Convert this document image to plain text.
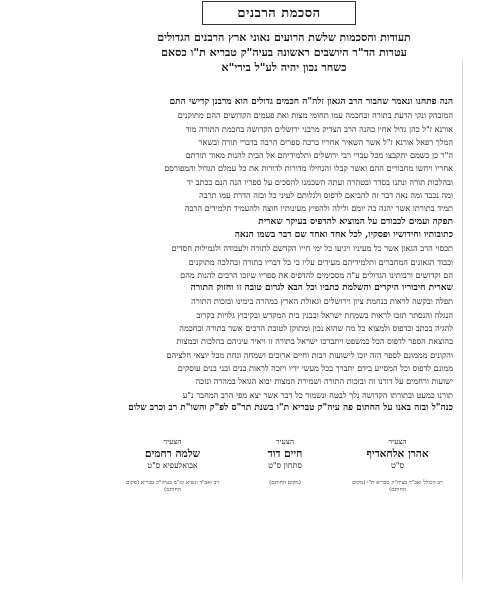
הסכמת הרבנים
תעודות והסכמות שלשת הרועים נאוני ארץ הרבנים הגדולים
עטרות הד"ר היושבים ראשונה בעיה"ק טבריא ת"ו כסאם
כשחר נכון יהיה לע"ל בירי"א
הנה פתחנו ונאמר שחבור הרב הגאון זלה"ה חכמים גדולים הוא מרבנן קדישי התם
המובהק ונקי הדעת בתורה ובחכמה עמו תחומי מצות ואת פעמים הקדושים ההם מתוקנים
אורנא ז"ל כהן גדול אחיו כהנה הרב הצדיק מרבני ירושלים הקדושה בחכמת התורה מוד
המלך רפאל אורנא ז"ל אשר השאיר אחריו ברכה ספרים הרבה בדברי תורה ובשאר
ה"ר כן כשמם יתקבצו מכל עברי רבי ירושלים ותלמידיהם אל הבית להנות מאור תורתם
אחריו ויחשו מחבורים ההם ואשר קבלו והנחילו מדורות לדורות את כל עמלם הגדול והמפורסם
ובהלכות תורה ונתנו בסדר ובטהרה ועתה השכמנו להסכים על ספריו הנה הנם בכתב יד
ומה נכבד ומה נאה דבר זה להביאם לדפוס ולגלותם לעיני כל ובזה הדרת עמו תרבה
תמיד בתורתו אשר יהגה בה יומם ולילה ולהפיץ מעינותיו חוצה ולהעמיד תלמידים הרבה
תפקה ועמים לכבודם על המוציא להדפיס בעיקר שארית
כתובותיו וחידושיו ופסקיו, לכל אחד ואחד שם דבר בשמו הנאה
תכסוי הרב הגאון אשר כל מעיניו ויגיעו כל ימי חייו הקדשם לתורה ולעבודה ולגמילות חסדים
וכבוד הגאונים המחברים ותלמידיהם מעידים עליו כי כל דבריו בתורה ובהלכה מתוקנים
הם וקדושים ורבותינו הגדולים ע"ה מסכימים להדפיס את ספריו שיזכו הרבים להנות מהם
שארית חיבוריו היקרים והשלמת כתביו וכל הבא לגרום טובה זו וחזוק התורה
תפלה ובקשה לראות בנחמת ציון וירושלים וגאולת הארץ במהרה בימינו ובזכות התורה
הנגלה והנסתר תזכו לראות בשמחת ישראל ובבנין בית המקדש ובקיבוץ גלויות בקרוב
להגיה בכתב ובדפוס ולמצוא כל מה שהוא נכון ומתוקן לטובת הרבים אשר בתורה ובחכמה
בהוצאת הספר לדפוס הכל כמשפט ויתברכו ישראל בתורה זו ויאיר עיניהם בהלכות ובמצות
והקונים מממונם לספר הזה יזכו לישועות רבות וחיים ארוכים ושמחה ונחת מכל יוצאי חלציהם
ממונם לדפוס וכל המסייע בידם יתברך בכל מעשי ידיו ויזכה לראות בנים ובני בנים עוסקים
ישועות ורחמים על דורנו זה ובזכות התורה ושמירת המצות יבוא הגואל במהרה ונזכה
תורנו כמעט ובתורתו הקדושה נלך לבטח ונשמור כל דבר אשר יצא מפי הרב המחבר נ"ע
כנה"ל ובזה באנו על החתום פה עיה"ק טבריא ת"ו בשנת תר"ס לפ"ק והשו"ת רב וכרב שלום
הצעיר
אהרן אלחאדיף
ס"ט
הצעיר
חיים דוד
סתחון ס"ט
הצעיר
שלמה רחמים
אבואלעפיא ס"ט
רב הכולל ואב"ד בעיה"ק טבריא ת"ו (מקום החותם)
(מקום החותם)
רב ואב"ד ונשיא ומ"מ בעיה"ק טבריא (מקום החותם)
